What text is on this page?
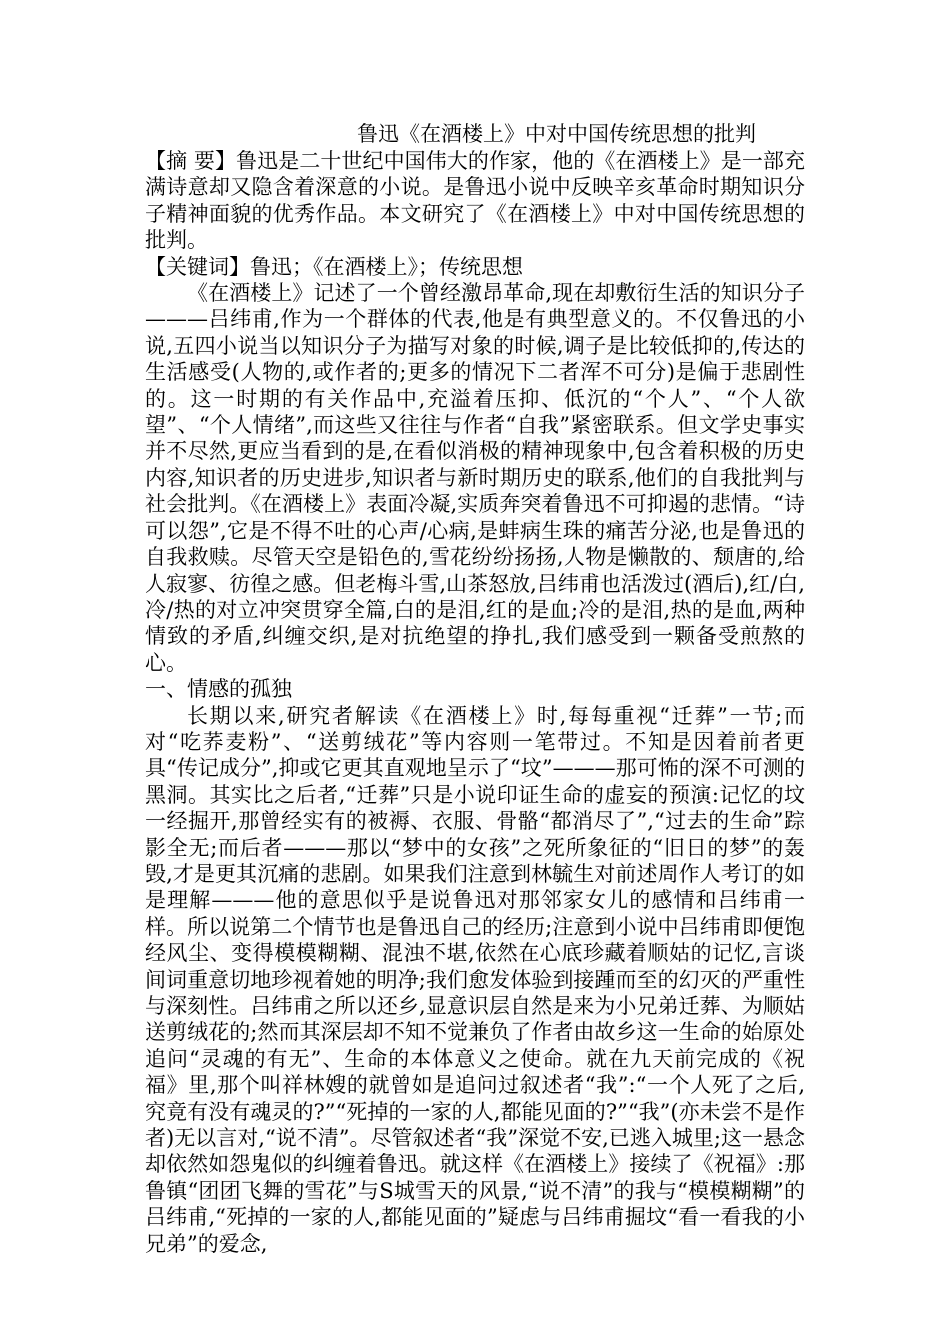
鲁迅《在酒楼上》中对中国传统思想的批判

【摘 要】鲁迅是二十世纪中国伟大的作家，他的《在酒楼上》是一部充满诗意却又隐含着深意的小说。是鲁迅小说中反映辛亥革命时期知识分子精神面貌的优秀作品。本文研究了《在酒楼上》中对中国传统思想的批判。

【关键词】鲁迅；《在酒楼上》；传统思想

《在酒楼上》记述了一个曾经激昂革命,现在却敷衍生活的知识分子———吕纬甫,作为一个群体的代表,他是有典型意义的。不仅鲁迅的小说,五四小说当以知识分子为描写对象的时候,调子是比较低抑的,传达的生活感受(人物的,或作者的;更多的情况下二者浑不可分)是偏于悲剧性的。这一时期的有关作品中,充溢着压抑、低沉的“个人”、“个人欲望”、“个人情绪”,而这些又往往与作者“自我”紧密联系。但文学史事实并不尽然,更应当看到的是,在看似消极的精神现象中,包含着积极的历史内容,知识者的历史进步,知识者与新时期历史的联系,他们的自我批判与社会批判。《在酒楼上》表面冷凝,实质奔突着鲁迅不可抑遏的悲情。“诗可以怨”,它是不得不吐的心声/心病,是蚌病生珠的痛苦分泌,也是鲁迅的自我救赎。尽管天空是铅色的,雪花纷纷扬扬,人物是懒散的、颓唐的,给人寂寥、彷徨之感。但老梅斗雪,山茶怒放,吕纬甫也活泼过(酒后),红/白,冷/热的对立冲突贯穿全篇,白的是泪,红的是血;冷的是泪,热的是血,两种情致的矛盾,纠缠交织,是对抗绝望的挣扎,我们感受到一颗备受煎熬的心。

一、情感的孤独

长期以来,研究者解读《在酒楼上》时,每每重视“迁葬”一节;而对“吃荞麦粉”、“送剪绒花”等内容则一笔带过。不知是因着前者更具“传记成分”,抑或它更其直观地呈示了“坟”———那可怖的深不可测的黑洞。其实比之后者,“迁葬”只是小说印证生命的虚妄的预演:记忆的坟一经掘开,那曾经实有的被褥、衣服、骨骼“都消尽了”,“过去的生命”踪影全无;而后者———那以“梦中的女孩”之死所象征的“旧日的梦”的轰毁,才是更其沉痛的悲剧。如果我们注意到林毓生对前述周作人考订的如是理解———他的意思似乎是说鲁迅对那邻家女儿的感情和吕纬甫一样。所以说第二个情节也是鲁迅自己的经历;注意到小说中吕纬甫即便饱经风尘、变得模模糊糊、混浊不堪,依然在心底珍藏着顺姑的记忆,言谈间词重意切地珍视着她的明净;我们愈发体验到接踵而至的幻灭的严重性与深刻性。吕纬甫之所以还乡,显意识层自然是来为小兄弟迁葬、为顺姑送剪绒花的;然而其深层却不知不觉兼负了作者由故乡这一生命的始原处追问“灵魂的有无”、生命的本体意义之使命。就在九天前完成的《祝福》里,那个叫祥林嫂的就曾如是追问过叙述者“我”:“一个人死了之后,究竟有没有魂灵的?”“死掉的一家的人,都能见面的?”“我”(亦未尝不是作者)无以言对,“说不清”。尽管叙述者“我”深觉不安,已逃入城里;这一悬念却依然如怨鬼似的纠缠着鲁迅。就这样《在酒楼上》接续了《祝福》:那鲁镇“团团飞舞的雪花”与S城雪天的风景,“说不清”的我与“模模糊糊”的吕纬甫,“死掉的一家的人,都能见面的”疑虑与吕纬甫掘坟“看一看我的小兄弟”的爱念,
